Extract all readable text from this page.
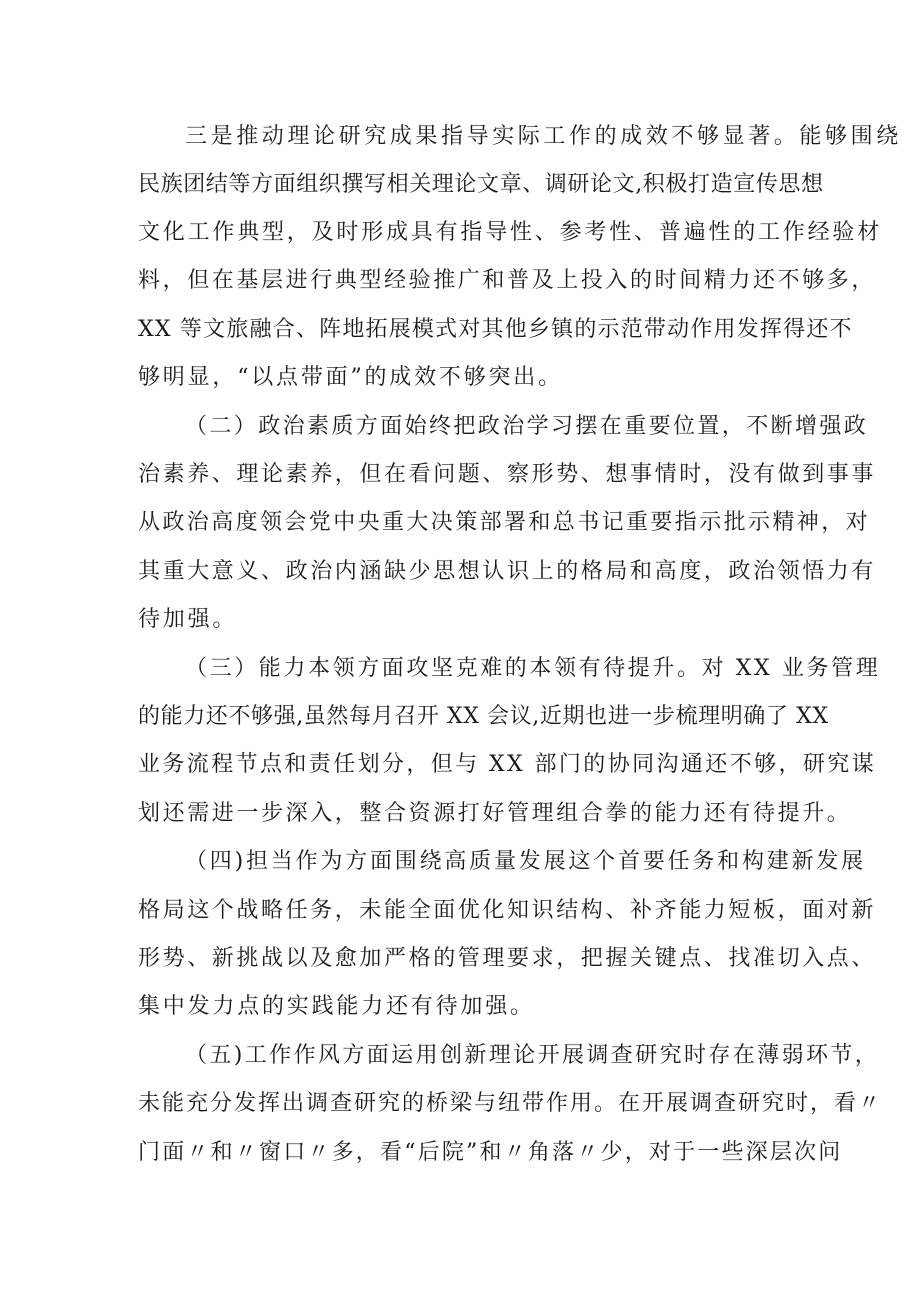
三是推动理论研究成果指导实际工作的成效不够显著。能够围绕
民族团结等方面组织撰写相关理论文章、调研论文,积极打造宣传思想
文化工作典型，及时形成具有指导性、参考性、普遍性的工作经验材
料，但在基层进行典型经验推广和普及上投入的时间精力还不够多，
XX 等文旅融合、阵地拓展模式对其他乡镇的示范带动作用发挥得还不
够明显，“以点带面”的成效不够突出。
（二）政治素质方面始终把政治学习摆在重要位置，不断增强政
治素养、理论素养，但在看问题、察形势、想事情时，没有做到事事
从政治高度领会党中央重大决策部署和总书记重要指示批示精神，对
其重大意义、政治内涵缺少思想认识上的格局和高度，政治领悟力有
待加强。
（三）能力本领方面攻坚克难的本领有待提升。对 XX 业务管理
的能力还不够强,虽然每月召开 XX 会议,近期也进一步梳理明确了 XX
业务流程节点和责任划分，但与 XX 部门的协同沟通还不够，研究谋
划还需进一步深入，整合资源打好管理组合拳的能力还有待提升。
（四)担当作为方面围绕高质量发展这个首要任务和构建新发展
格局这个战略任务，未能全面优化知识结构、补齐能力短板，面对新
形势、新挑战以及愈加严格的管理要求，把握关键点、找准切入点、
集中发力点的实践能力还有待加强。
（五)工作作风方面运用创新理论开展调查研究时存在薄弱环节，
未能充分发挥出调查研究的桥梁与纽带作用。在开展调查研究时，看〃
门面〃和〃窗口〃多，看“后院”和〃角落〃少，对于一些深层次问
